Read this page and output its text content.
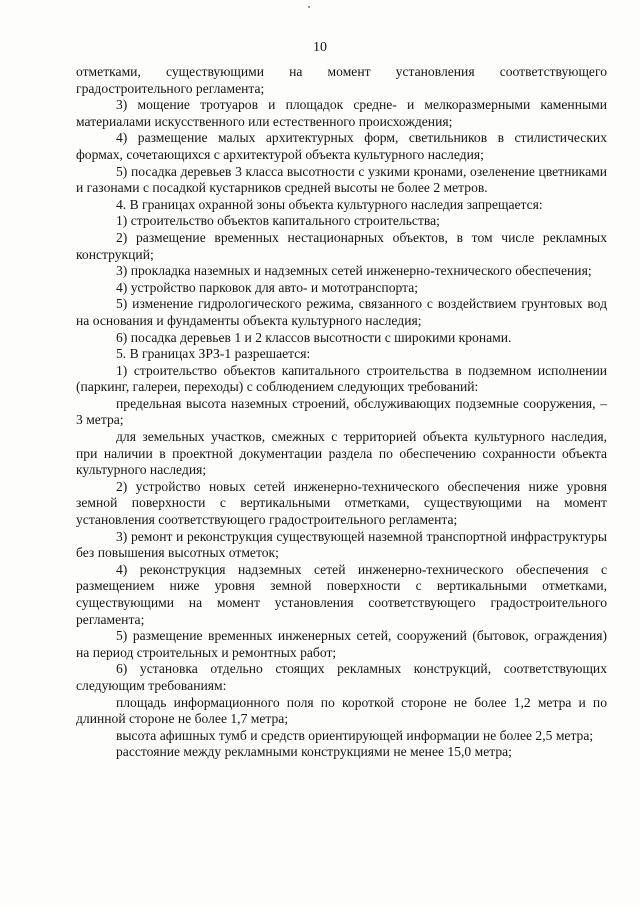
10

отметками, существующими на момент установления соответствующего градостроительного регламента;

3) мощение тротуаров и площадок средне- и мелкоразмерными каменными материалами искусственного или естественного происхождения;

4) размещение малых архитектурных форм, светильников в стилистических формах, сочетающихся с архитектурой объекта культурного наследия;

5) посадка деревьев 3 класса высотности с узкими кронами, озеленение цветниками и газонами с посадкой кустарников средней высоты не более 2 метров.

4. В границах охранной зоны объекта культурного наследия запрещается:

1) строительство объектов капитального строительства;

2) размещение временных нестационарных объектов, в том числе рекламных конструкций;

3) прокладка наземных и надземных сетей инженерно-технического обеспечения;

4) устройство парковок для авто- и мототранспорта;

5) изменение гидрологического режима, связанного с воздействием грунтовых вод на основания и фундаменты объекта культурного наследия;

6) посадка деревьев 1 и 2 классов высотности с широкими кронами.

5. В границах ЗРЗ-1 разрешается:

1) строительство объектов капитального строительства в подземном исполнении (паркинг, галереи, переходы) с соблюдением следующих требований:

предельная высота наземных строений, обслуживающих подземные сооружения, – 3 метра;

для земельных участков, смежных с территорией объекта культурного наследия, при наличии в проектной документации раздела по обеспечению сохранности объекта культурного наследия;

2) устройство новых сетей инженерно-технического обеспечения ниже уровня земной поверхности с вертикальными отметками, существующими на момент установления соответствующего градостроительного регламента;

3) ремонт и реконструкция существующей наземной транспортной инфраструктуры без повышения высотных отметок;

4) реконструкция надземных сетей инженерно-технического обеспечения с размещением ниже уровня земной поверхности с вертикальными отметками, существующими на момент установления соответствующего градостроительного регламента;

5) размещение временных инженерных сетей, сооружений (бытовок, ограждения) на период строительных и ремонтных работ;

6) установка отдельно стоящих рекламных конструкций, соответствующих следующим требованиям:

площадь информационного поля по короткой стороне не более 1,2 метра и по длинной стороне не более 1,7 метра;

высота афишных тумб и средств ориентирующей информации не более 2,5 метра;

расстояние между рекламными конструкциями не менее 15,0 метра;
